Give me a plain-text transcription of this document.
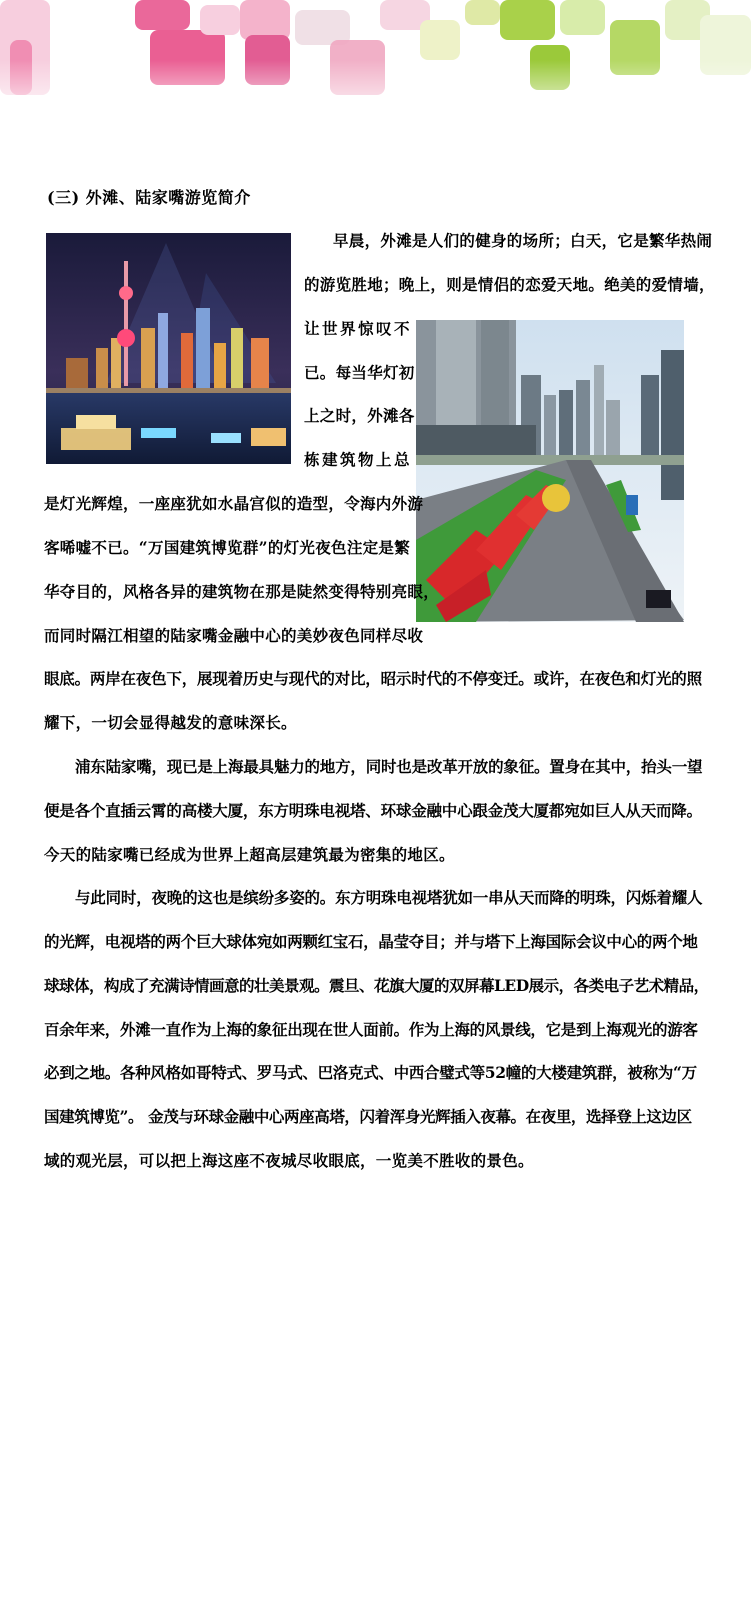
(三) 外滩、陆家嘴游览简介
早晨，外滩是人们的健身的场所；白天，它是繁华热闹
的游览胜地；晚上，则是情侣的恋爱天地。绝美的爱情墙，
让世界惊叹不
已。每当华灯初
上之时，外滩各
栋建筑物上总
是灯光辉煌，一座座犹如水晶宫似的造型，令海内外游
客唏嘘不已。“万国建筑博览群”的灯光夜色注定是繁
华夺目的，风格各异的建筑物在那是陡然变得特别亮眼，
而同时隔江相望的陆家嘴金融中心的美妙夜色同样尽收
眼底。两岸在夜色下，展现着历史与现代的对比，昭示时代的不停变迁。或许，在夜色和灯光的照
耀下，一切会显得越发的意味深长。
浦东陆家嘴，现已是上海最具魅力的地方，同时也是改革开放的象征。置身在其中，抬头一望
便是各个直插云霄的高楼大厦，东方明珠电视塔、环球金融中心跟金茂大厦都宛如巨人从天而降。
今天的陆家嘴已经成为世界上超高层建筑最为密集的地区。
与此同时，夜晚的这也是缤纷多姿的。东方明珠电视塔犹如一串从天而降的明珠，闪烁着耀人
的光辉，电视塔的两个巨大球体宛如两颗红宝石，晶莹夺目；并与塔下上海国际会议中心的两个地
球球体，构成了充满诗情画意的壮美景观。震旦、花旗大厦的双屏幕LED展示，各类电子艺术精品，
百余年来，外滩一直作为上海的象征出现在世人面前。作为上海的风景线，它是到上海观光的游客
必到之地。各种风格如哥特式、罗马式、巴洛克式、中西合璧式等52幢的大楼建筑群，被称为“万
国建筑博览”。 金茂与环球金融中心两座高塔，闪着浑身光辉插入夜幕。在夜里，选择登上这边区
域的观光层，可以把上海这座不夜城尽收眼底，一览美不胜收的景色。
